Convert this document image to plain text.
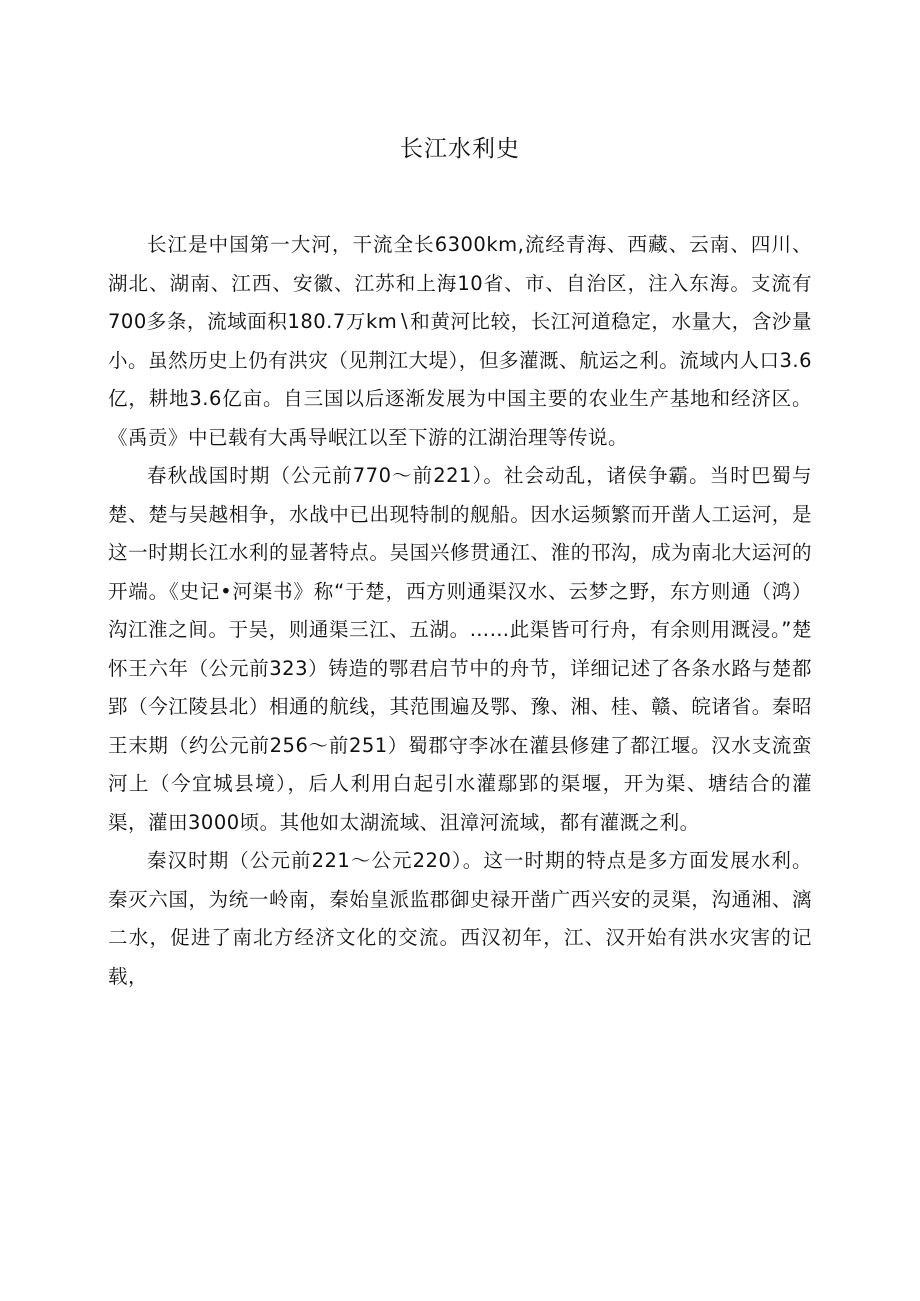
长江水利史

长江是中国第一大河，干流全长6300km,流经青海、西藏、云南、四川、湖北、湖南、江西、安徽、江苏和上海10省、市、自治区，注入东海。支流有700多条，流域面积180.7万km∖和黄河比较，长江河道稳定，水量大，含沙量小。虽然历史上仍有洪灾（见荆江大堤），但多灌溉、航运之利。流域内人口3.6亿，耕地3.6亿亩。自三国以后逐渐发展为中国主要的农业生产基地和经济区。《禹贡》中已载有大禹导岷江以至下游的江湖治理等传说。

春秋战国时期（公元前770～前221）。社会动乱，诸侯争霸。当时巴蜀与楚、楚与吴越相争，水战中已出现特制的舰船。因水运频繁而开凿人工运河，是这一时期长江水利的显著特点。吴国兴修贯通江、淮的邗沟，成为南北大运河的开端。《史记•河渠书》称“于楚，西方则通渠汉水、云梦之野，东方则通（鸿）沟江淮之间。于吴，则通渠三江、五湖。……此渠皆可行舟，有余则用溉浸。”楚怀王六年（公元前323）铸造的鄂君启节中的舟节，详细记述了各条水路与楚都郢（今江陵县北）相通的航线，其范围遍及鄂、豫、湘、桂、赣、皖诸省。秦昭王末期（约公元前256～前251）蜀郡守李冰在灌县修建了都江堰。汉水支流蛮河上（今宜城县境），后人利用白起引水灌鄢郢的渠堰，开为渠、塘结合的灌渠，灌田3000顷。其他如太湖流域、沮漳河流域，都有灌溉之利。

秦汉时期（公元前221～公元220）。这一时期的特点是多方面发展水利。秦灭六国，为统一岭南，秦始皇派监郡御史禄开凿广西兴安的灵渠，沟通湘、漓二水，促进了南北方经济文化的交流。西汉初年，江、汉开始有洪水灾害的记载，
